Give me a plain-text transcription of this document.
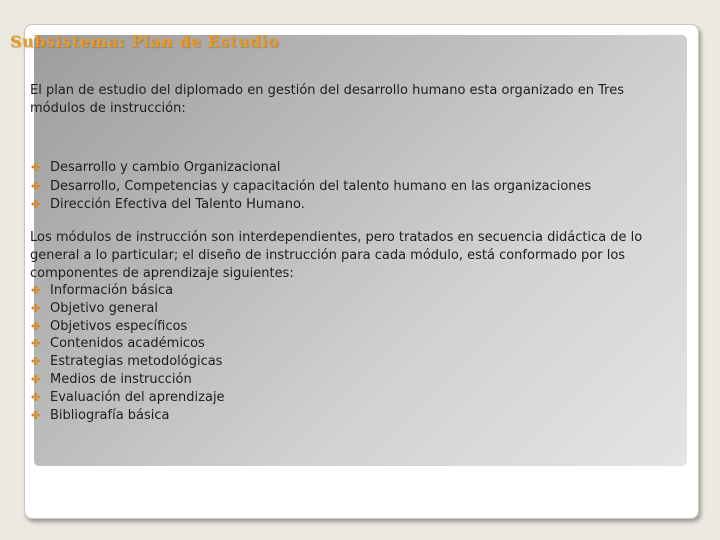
Subsistema: Plan de Estudio

El plan de estudio del diplomado en gestión del desarrollo humano esta organizado en Tres módulos de instrucción:

✤ Desarrollo y cambio Organizacional
✤ Desarrollo, Competencias y capacitación del talento humano en las organizaciones
✤ Dirección Efectiva del Talento Humano.

Los módulos de instrucción son interdependientes, pero tratados en secuencia didáctica de lo general a lo particular; el diseño de instrucción para cada módulo, está conformado por los componentes de aprendizaje siguientes:

✤ Información básica
✤ Objetivo general
✤ Objetivos específicos
✤ Contenidos académicos
✤ Estrategias metodológicas
✤ Medios de instrucción
✤ Evaluación del aprendizaje
✤ Bibliografía básica
